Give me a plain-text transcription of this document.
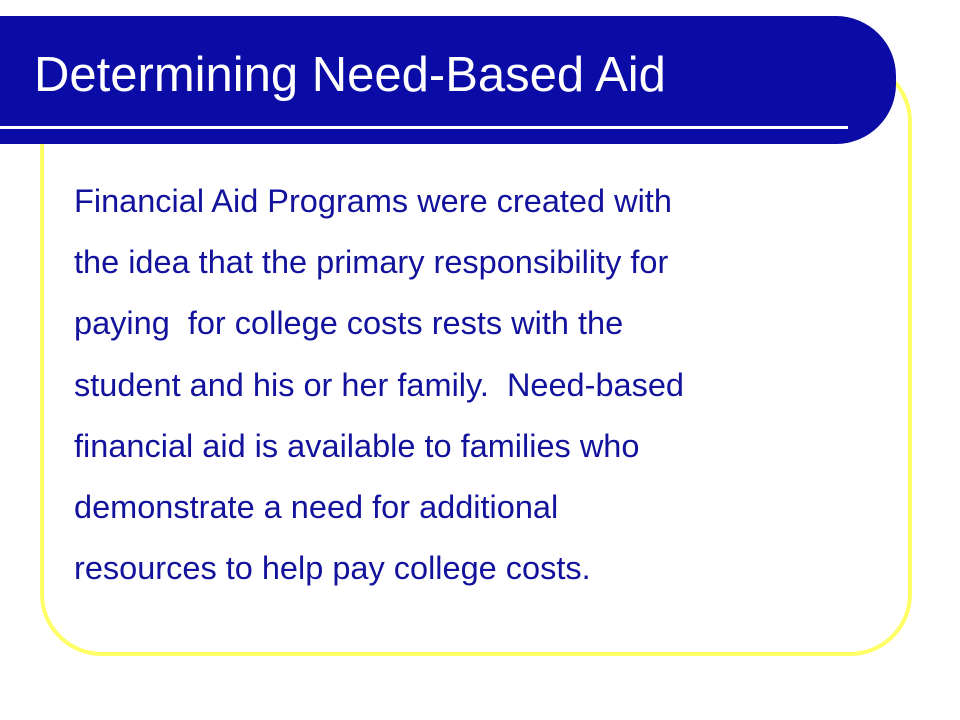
Determining Need-Based Aid

Financial Aid Programs were created with
the idea that the primary responsibility for
paying  for college costs rests with the
student and his or her family.  Need-based
financial aid is available to families who
demonstrate a need for additional
resources to help pay college costs.
